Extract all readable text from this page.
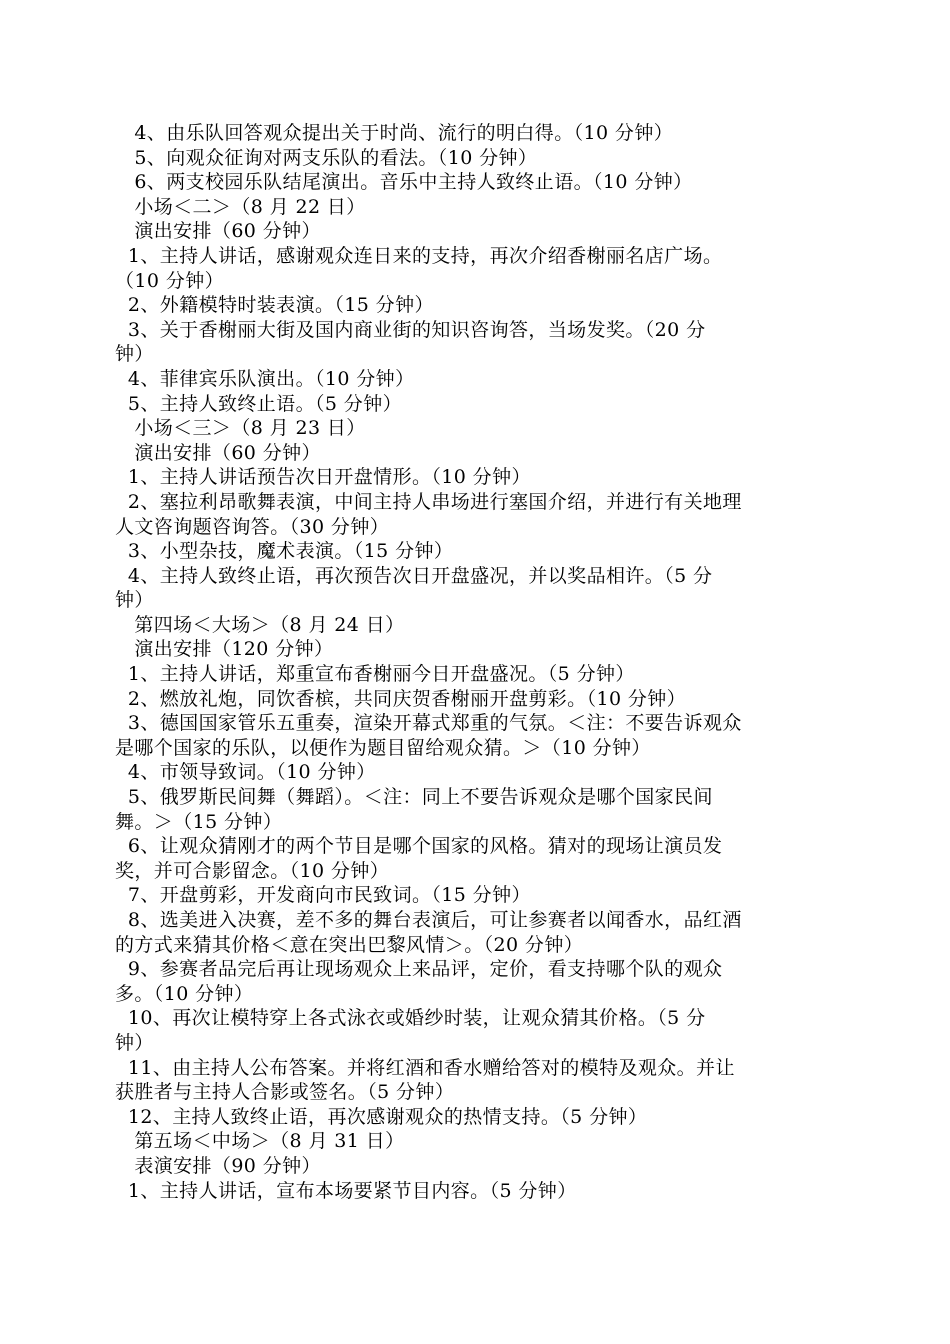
4、由乐队回答观众提出关于时尚、流行的明白得。（10 分钟）
5、向观众征询对两支乐队的看法。（10 分钟）
6、两支校园乐队结尾演出。音乐中主持人致终止语。（10 分钟）
小场＜二＞（8 月 22 日）
演出安排（60 分钟）
1、主持人讲话，感谢观众连日来的支持，再次介绍香榭丽名店广场。
（10 分钟）
2、外籍模特时装表演。（15 分钟）
3、关于香榭丽大街及国内商业街的知识咨询答，当场发奖。（20 分
钟）
4、菲律宾乐队演出。（10 分钟）
5、主持人致终止语。（5 分钟）
小场＜三＞（8 月 23 日）
演出安排（60 分钟）
1、主持人讲话预告次日开盘情形。（10 分钟）
2、塞拉利昂歌舞表演，中间主持人串场进行塞国介绍，并进行有关地理
人文咨询题咨询答。（30 分钟）
3、小型杂技，魔术表演。（15 分钟）
4、主持人致终止语，再次预告次日开盘盛况，并以奖品相许。（5 分
钟）
第四场＜大场＞（8 月 24 日）
演出安排（120 分钟）
1、主持人讲话，郑重宣布香榭丽今日开盘盛况。（5 分钟）
2、燃放礼炮，同饮香槟，共同庆贺香榭丽开盘剪彩。（10 分钟）
3、德国国家管乐五重奏，渲染开幕式郑重的气氛。＜注：不要告诉观众
是哪个国家的乐队，以便作为题目留给观众猜。＞（10 分钟）
4、市领导致词。（10 分钟）
5、俄罗斯民间舞（舞蹈）。＜注：同上不要告诉观众是哪个国家民间
舞。＞（15 分钟）
6、让观众猜刚才的两个节目是哪个国家的风格。猜对的现场让演员发
奖，并可合影留念。（10 分钟）
7、开盘剪彩，开发商向市民致词。（15 分钟）
8、选美进入决赛，差不多的舞台表演后，可让参赛者以闻香水，品红酒
的方式来猜其价格＜意在突出巴黎风情＞。（20 分钟）
9、参赛者品完后再让现场观众上来品评，定价，看支持哪个队的观众
多。（10 分钟）
10、再次让模特穿上各式泳衣或婚纱时装，让观众猜其价格。（5 分
钟）
11、由主持人公布答案。并将红酒和香水赠给答对的模特及观众。并让
获胜者与主持人合影或签名。（5 分钟）
12、主持人致终止语，再次感谢观众的热情支持。（5 分钟）
第五场＜中场＞（8 月 31 日）
表演安排（90 分钟）
1、主持人讲话，宣布本场要紧节目内容。（5 分钟）
